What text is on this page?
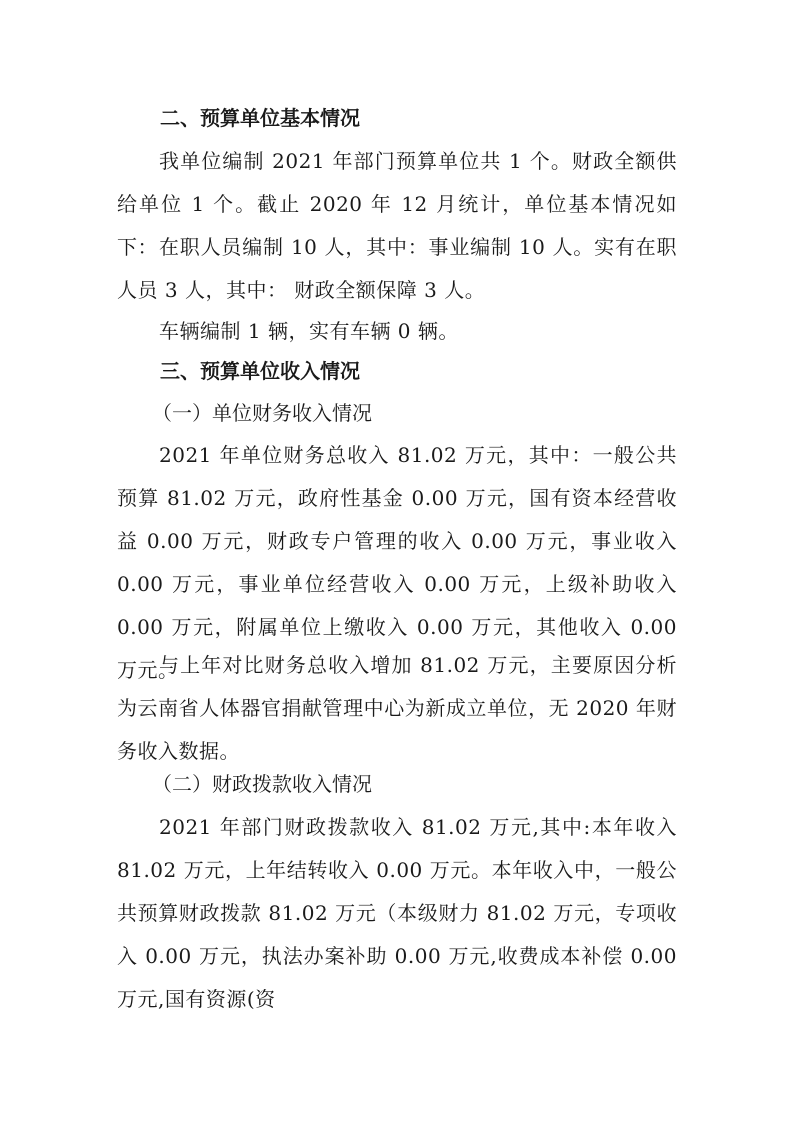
二、预算单位基本情况

我单位编制 2021 年部门预算单位共 1 个。财政全额供给单位 1 个。截止 2020 年 12 月统计，单位基本情况如下： 在职人员编制 10 人，其中：事业编制 10 人。实有在职人员 3 人，其中： 财政全额保障 3 人。

车辆编制 1 辆，实有车辆 0 辆。

三、预算单位收入情况

（一）单位财务收入情况

2021 年单位财务总收入 81.02 万元，其中：一般公共预算 81.02 万元，政府性基金 0.00 万元，国有资本经营收益 0.00 万元，财政专户管理的收入 0.00 万元，事业收入 0.00 万元，事业单位经营收入 0.00 万元，上级补助收入 0.00 万元，附属单位上缴收入 0.00 万元，其他收入 0.00 万元。

与上年对比财务总收入增加 81.02 万元，主要原因分析为云南省人体器官捐献管理中心为新成立单位，无 2020 年财务收入数据。

（二）财政拨款收入情况

2021 年部门财政拨款收入 81.02 万元,其中:本年收入 81.02 万元，上年结转收入 0.00 万元。本年收入中，一般公共预算财政拨款 81.02 万元（本级财力 81.02 万元，专项收入 0.00 万元，执法办案补助 0.00 万元,收费成本补偿 0.00 万元,国有资源(资
